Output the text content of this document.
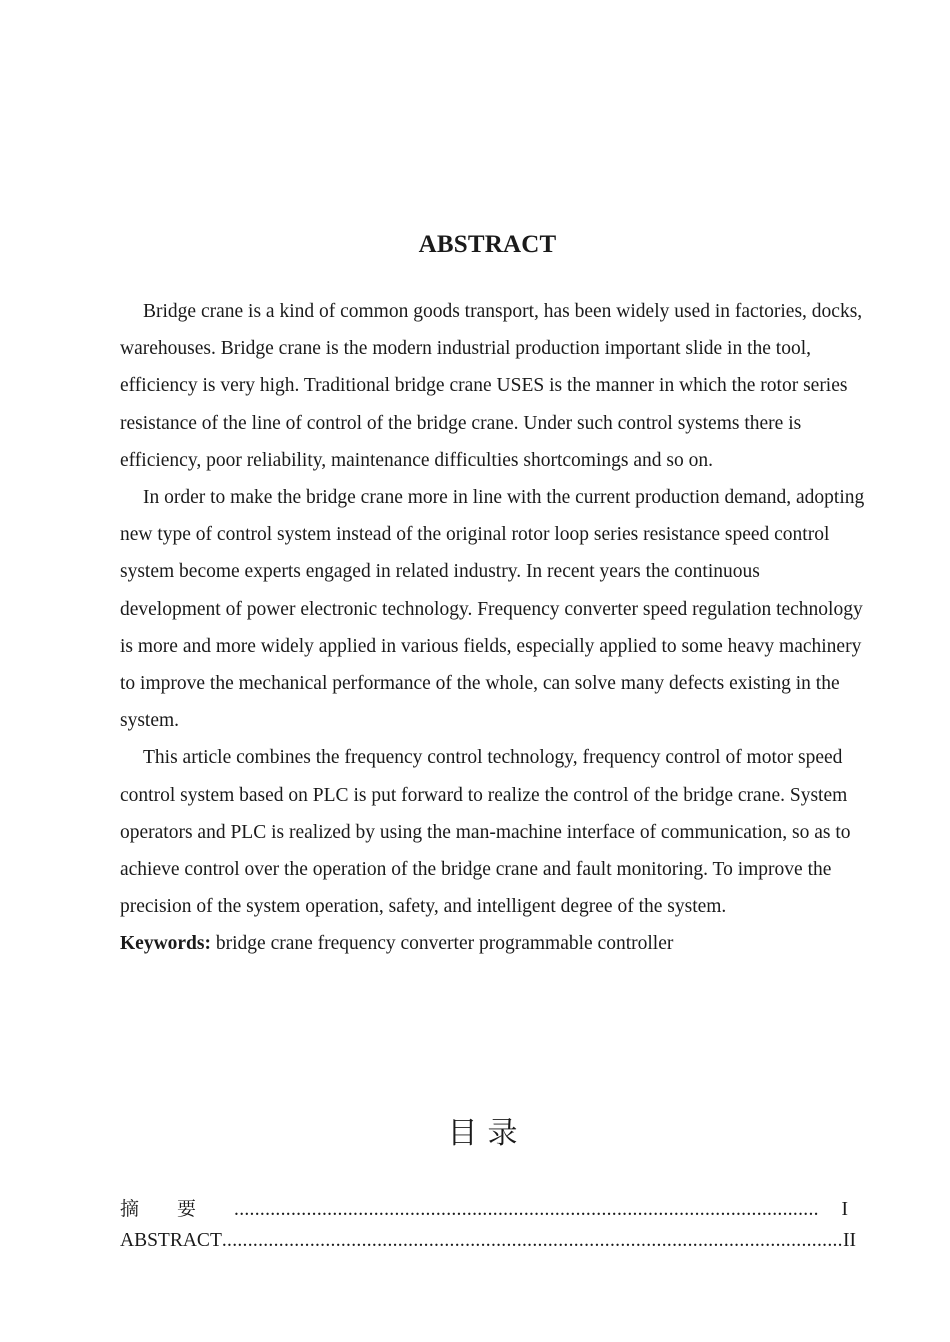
ABSTRACT

Bridge crane is a kind of common goods transport, has been widely used in factories, docks, warehouses. Bridge crane is the modern industrial production important slide in the tool, efficiency is very high. Traditional bridge crane USES is the manner in which the rotor series resistance of the line of control of the bridge crane. Under such control systems there is efficiency, poor reliability, maintenance difficulties shortcomings and so on.

In order to make the bridge crane more in line with the current production demand, adopting new type of control system instead of the original rotor loop series resistance speed control system become experts engaged in related industry. In recent years the continuous development of power electronic technology. Frequency converter speed regulation technology is more and more widely applied in various fields, especially applied to some heavy machinery to improve the mechanical performance of the whole, can solve many defects existing in the system.

This article combines the frequency control technology, frequency control of motor speed control system based on PLC is put forward to realize the control of the bridge crane. System operators and PLC is realized by using the man-machine interface of communication, so as to achieve control over the operation of the bridge crane and fault monitoring. To improve the precision of the system operation, safety, and intelligent degree of the system.

Keywords: bridge crane frequency converter programmable controller
目录
摘要 .....	I
ABSTRACT .....	II
